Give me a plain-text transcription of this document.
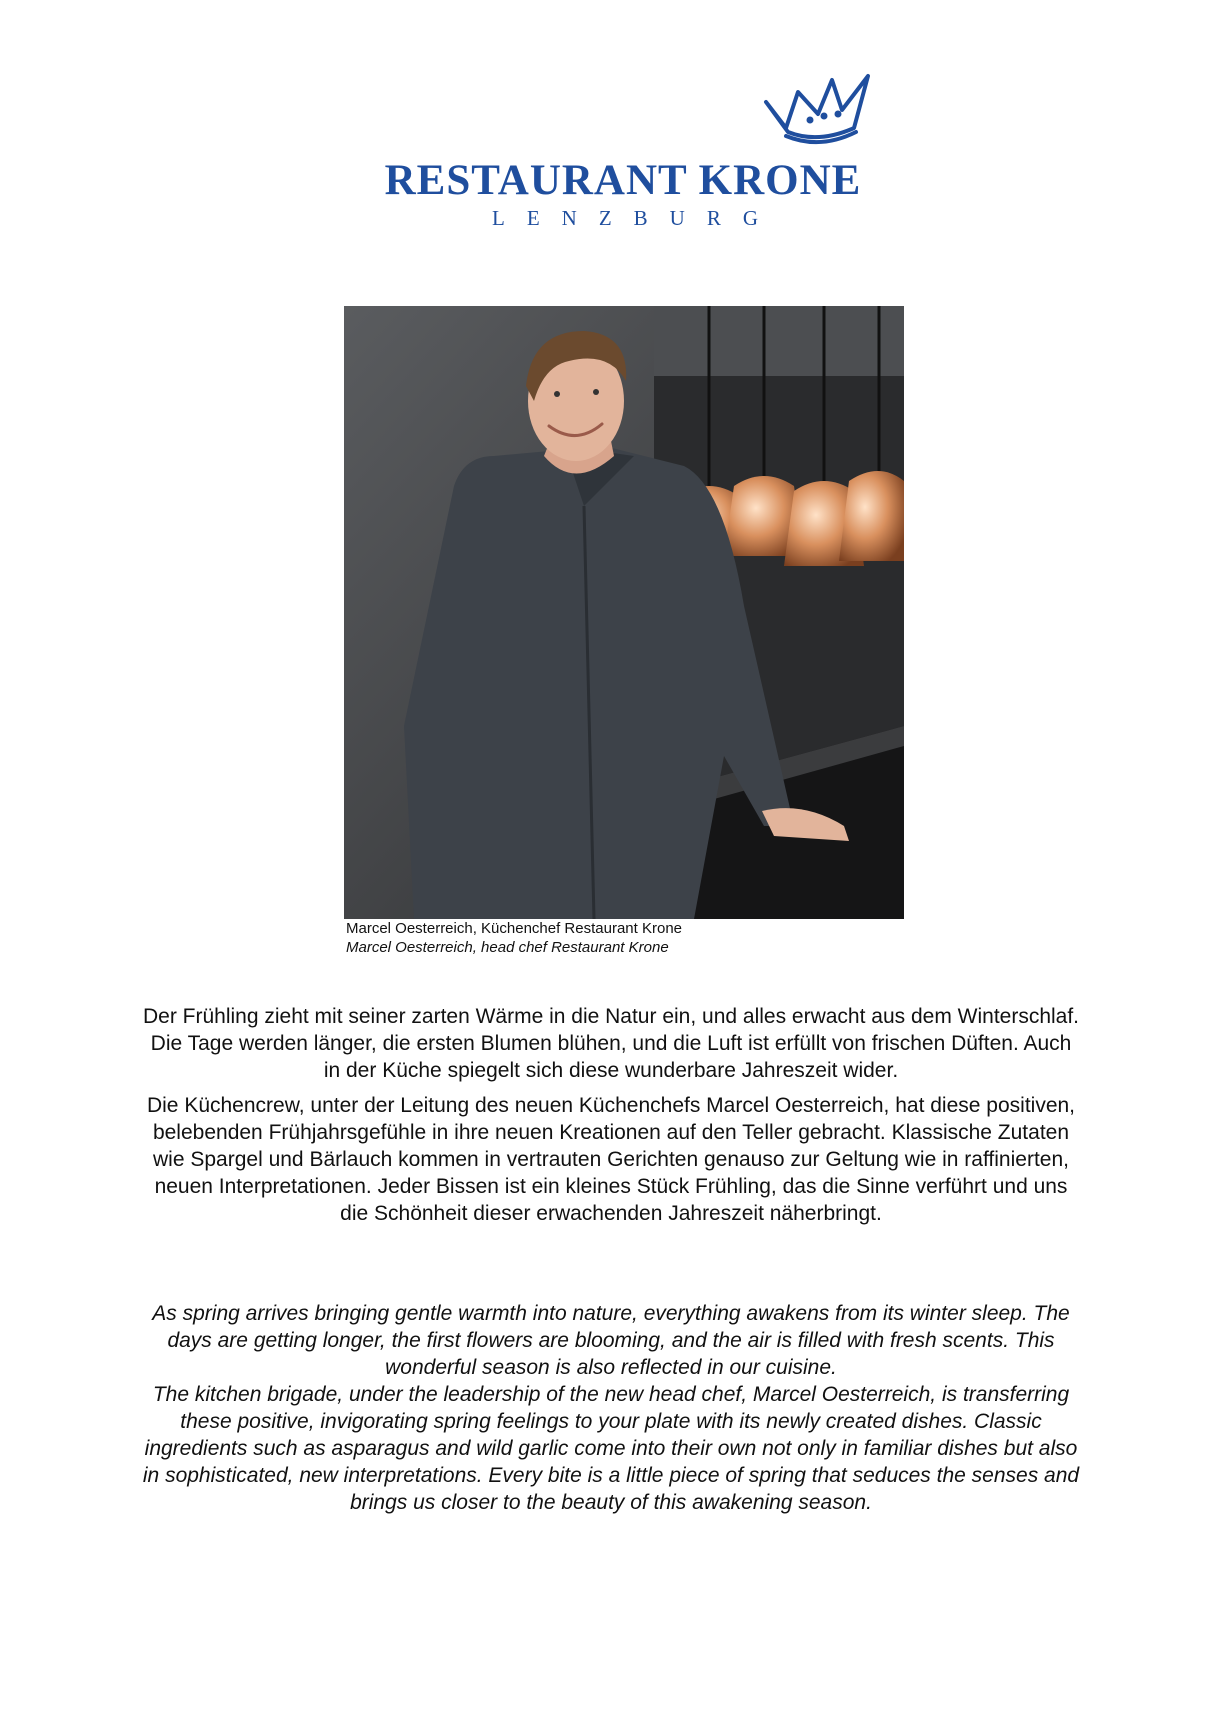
RESTAURANT KRONE
LENZBURG
Marcel Oesterreich, Küchenchef Restaurant Krone
Marcel Oesterreich, head chef Restaurant Krone

Der Frühling zieht mit seiner zarten Wärme in die Natur ein, und alles erwacht aus dem Winterschlaf. Die Tage werden länger, die ersten Blumen blühen, und die Luft ist erfüllt von frischen Düften. Auch in der Küche spiegelt sich diese wunderbare Jahreszeit wider.

Die Küchencrew, unter der Leitung des neuen Küchenchefs Marcel Oesterreich, hat diese positiven, belebenden Frühjahrsgefühle in ihre neuen Kreationen auf den Teller gebracht. Klassische Zutaten wie Spargel und Bärlauch kommen in vertrauten Gerichten genauso zur Geltung wie in raffinierten, neuen Interpretationen. Jeder Bissen ist ein kleines Stück Frühling, das die Sinne verführt und uns die Schönheit dieser erwachenden Jahreszeit näherbringt.

As spring arrives bringing gentle warmth into nature, everything awakens from its winter sleep. The days are getting longer, the first flowers are blooming, and the air is filled with fresh scents. This wonderful season is also reflected in our cuisine.
The kitchen brigade, under the leadership of the new head chef, Marcel Oesterreich, is transferring these positive, invigorating spring feelings to your plate with its newly created dishes. Classic ingredients such as asparagus and wild garlic come into their own not only in familiar dishes but also in sophisticated, new interpretations. Every bite is a little piece of spring that seduces the senses and brings us closer to the beauty of this awakening season.
